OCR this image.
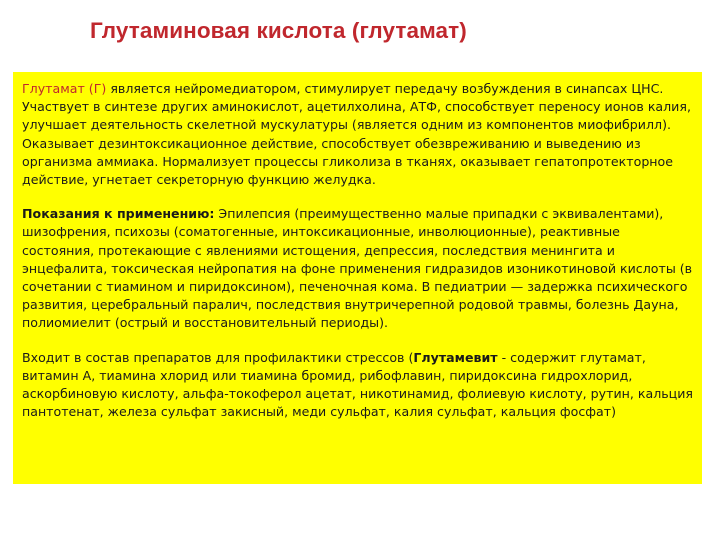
Глутаминовая кислота (глутамат)

Глутамат (Г) является нейромедиатором, стимулирует передачу возбуждения в синапсах ЦНС. Участвует в синтезе других аминокислот, ацетилхолина, АТФ, способствует переносу ионов калия, улучшает деятельность скелетной мускулатуры (является одним из компонентов миофибрилл). Оказывает дезинтоксикационное действие, способствует обезвреживанию и выведению из организма аммиака. Нормализует процессы гликолиза в тканях, оказывает гепатопротекторное действие, угнетает секреторную функцию желудка.

Показания к применению: Эпилепсия (преимущественно малые припадки с эквивалентами), шизофрения, психозы (соматогенные, интоксикационные, инволюционные), реактивные состояния, протекающие с явлениями истощения, депрессия, последствия менингита и энцефалита, токсическая нейропатия на фоне применения гидразидов изоникотиновой кислоты (в сочетании с тиамином и пиридоксином), печеночная кома. В педиатрии — задержка психического развития, церебральный паралич, последствия внутричерепной родовой травмы, болезнь Дауна, полиомиелит (острый и восстановительный периоды).

Входит в состав препаратов для профилактики стрессов (Глутамевит - содержит глутамат, витамин А, тиамина хлорид или тиамина бромид, рибофлавин, пиридоксина гидрохлорид, аскорбиновую кислоту, альфа-токоферол ацетат, никотинамид, фолиевую кислоту, рутин, кальция пантотенат, железа сульфат закисный, меди сульфат, калия сульфат, кальция фосфат)
